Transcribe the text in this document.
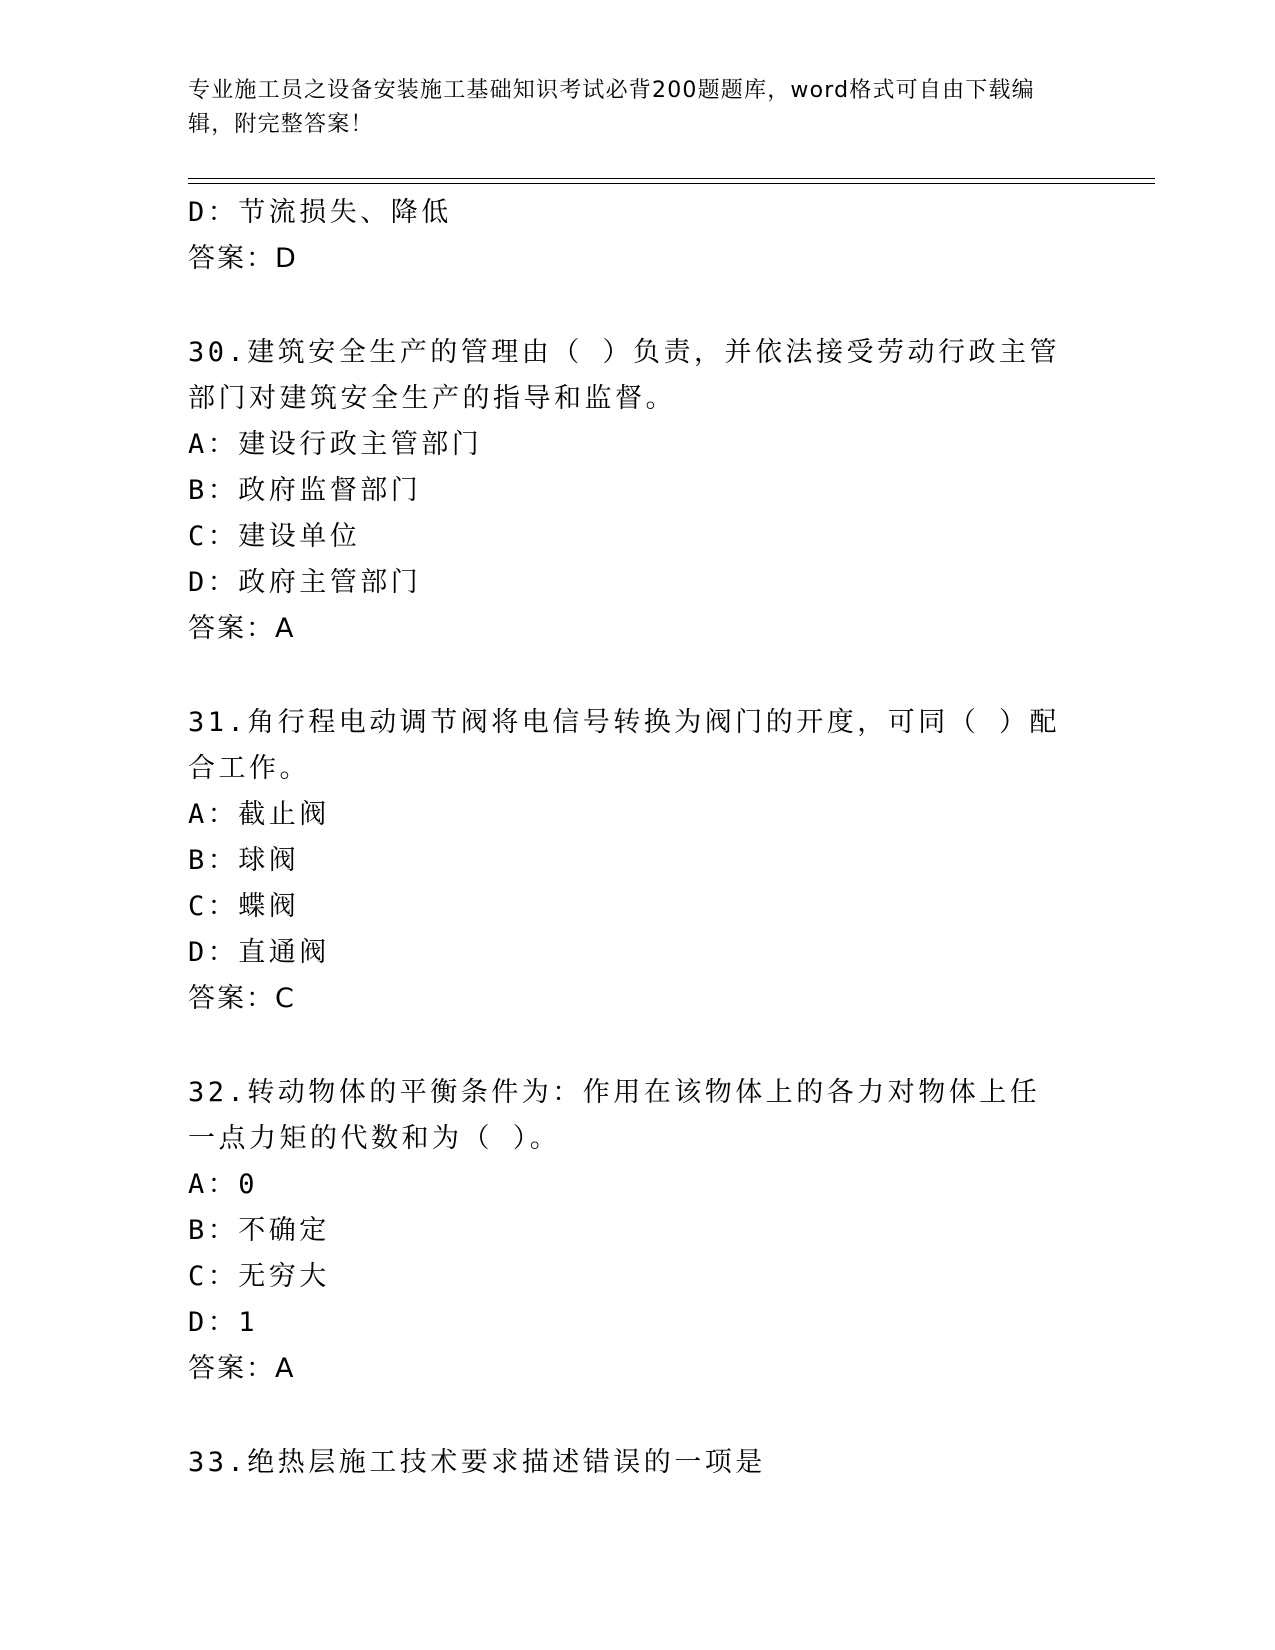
专业施工员之设备安装施工基础知识考试必背200题题库，word格式可自由下载编辑，附完整答案！
D：节流损失、降低
答案：D
30.建筑安全生产的管理由（ ）负责，并依法接受劳动行政主管部门对建筑安全生产的指导和监督。
A：建设行政主管部门
B：政府监督部门
C：建设单位
D：政府主管部门
答案：A
31.角行程电动调节阀将电信号转换为阀门的开度，可同（ ）配合工作。
A：截止阀
B：球阀
C：蝶阀
D：直通阀
答案：C
32.转动物体的平衡条件为：作用在该物体上的各力对物体上任一点力矩的代数和为（ ）。
A：0
B：不确定
C：无穷大
D：1
答案：A
33.绝热层施工技术要求描述错误的一项是
